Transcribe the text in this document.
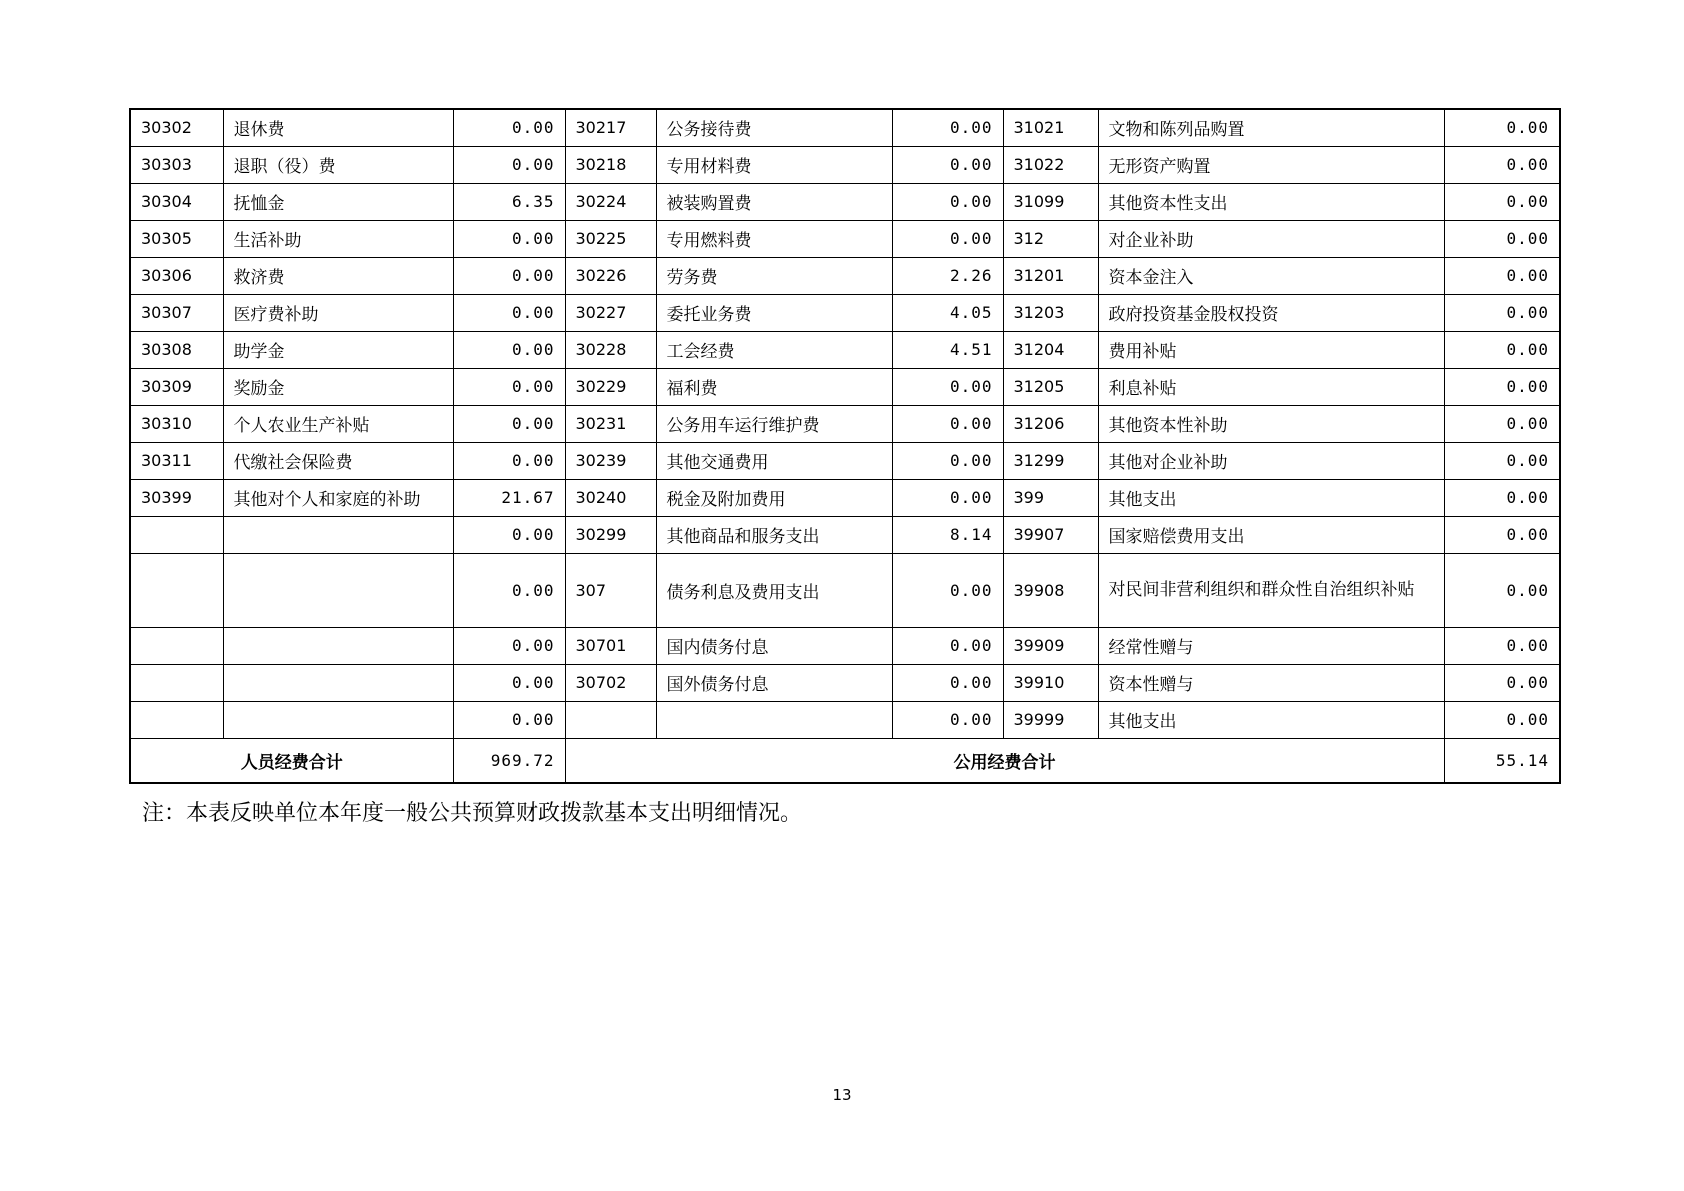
30302	退休费	0.00	30217	公务接待费	0.00	31021	文物和陈列品购置	0.00
30303	退职（役）费	0.00	30218	专用材料费	0.00	31022	无形资产购置	0.00
30304	抚恤金	6.35	30224	被装购置费	0.00	31099	其他资本性支出	0.00
30305	生活补助	0.00	30225	专用燃料费	0.00	312	对企业补助	0.00
30306	救济费	0.00	30226	劳务费	2.26	31201	资本金注入	0.00
30307	医疗费补助	0.00	30227	委托业务费	4.05	31203	政府投资基金股权投资	0.00
30308	助学金	0.00	30228	工会经费	4.51	31204	费用补贴	0.00
30309	奖励金	0.00	30229	福利费	0.00	31205	利息补贴	0.00
30310	个人农业生产补贴	0.00	30231	公务用车运行维护费	0.00	31206	其他资本性补助	0.00
30311	代缴社会保险费	0.00	30239	其他交通费用	0.00	31299	其他对企业补助	0.00
30399	其他对个人和家庭的补助	21.67	30240	税金及附加费用	0.00	399	其他支出	0.00
		0.00	30299	其他商品和服务支出	8.14	39907	国家赔偿费用支出	0.00
		0.00	307	债务利息及费用支出	0.00	39908	对民间非营利组织和群众性自治组织补贴	0.00
		0.00	30701	国内债务付息	0.00	39909	经常性赠与	0.00
		0.00	30702	国外债务付息	0.00	39910	资本性赠与	0.00
		0.00			0.00	39999	其他支出	0.00
人员经费合计		969.72	公用经费合计					55.14
注：本表反映单位本年度一般公共预算财政拨款基本支出明细情况。
13
